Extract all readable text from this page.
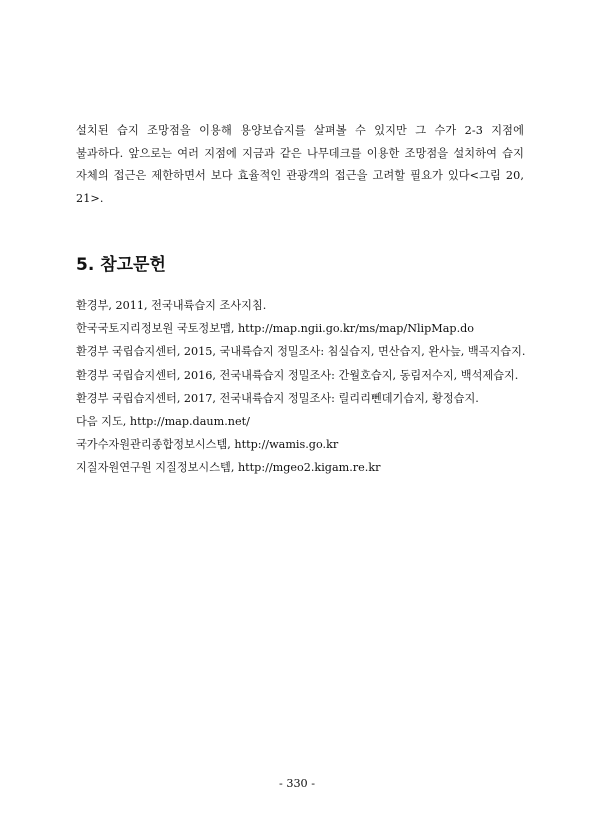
설치된 습지 조망점을 이용해 용양보습지를 살펴볼 수 있지만 그 수가 2-3 지점에
불과하다. 앞으로는 여러 지점에 지금과 같은 나무데크를 이용한 조망점을 설치하여 습지
자체의 접근은 제한하면서 보다 효율적인 관광객의 접근을 고려할 필요가 있다<그림 20,
21>.

5. 참고문헌
환경부, 2011, 전국내륙습지 조사지침.
한국국토지리정보원 국토정보맵, http://map.ngii.go.kr/ms/map/NlipMap.do
환경부 국립습지센터, 2015, 국내륙습지 정밀조사: 침실습지, 면산습지, 완사늪, 백곡지습지.
환경부 국립습지센터, 2016, 전국내륙습지 정밀조사: 간월호습지, 동림저수지, 백석제습지.
환경부 국립습지센터, 2017, 전국내륙습지 정밀조사: 릴리리뻰데기습지, 황정습지.
다음 지도, http://map.daum.net/
국가수자원관리종합정보시스템, http://wamis.go.kr
지질자원연구원 지질정보시스템, http://mgeo2.kigam.re.kr

- 330 -
